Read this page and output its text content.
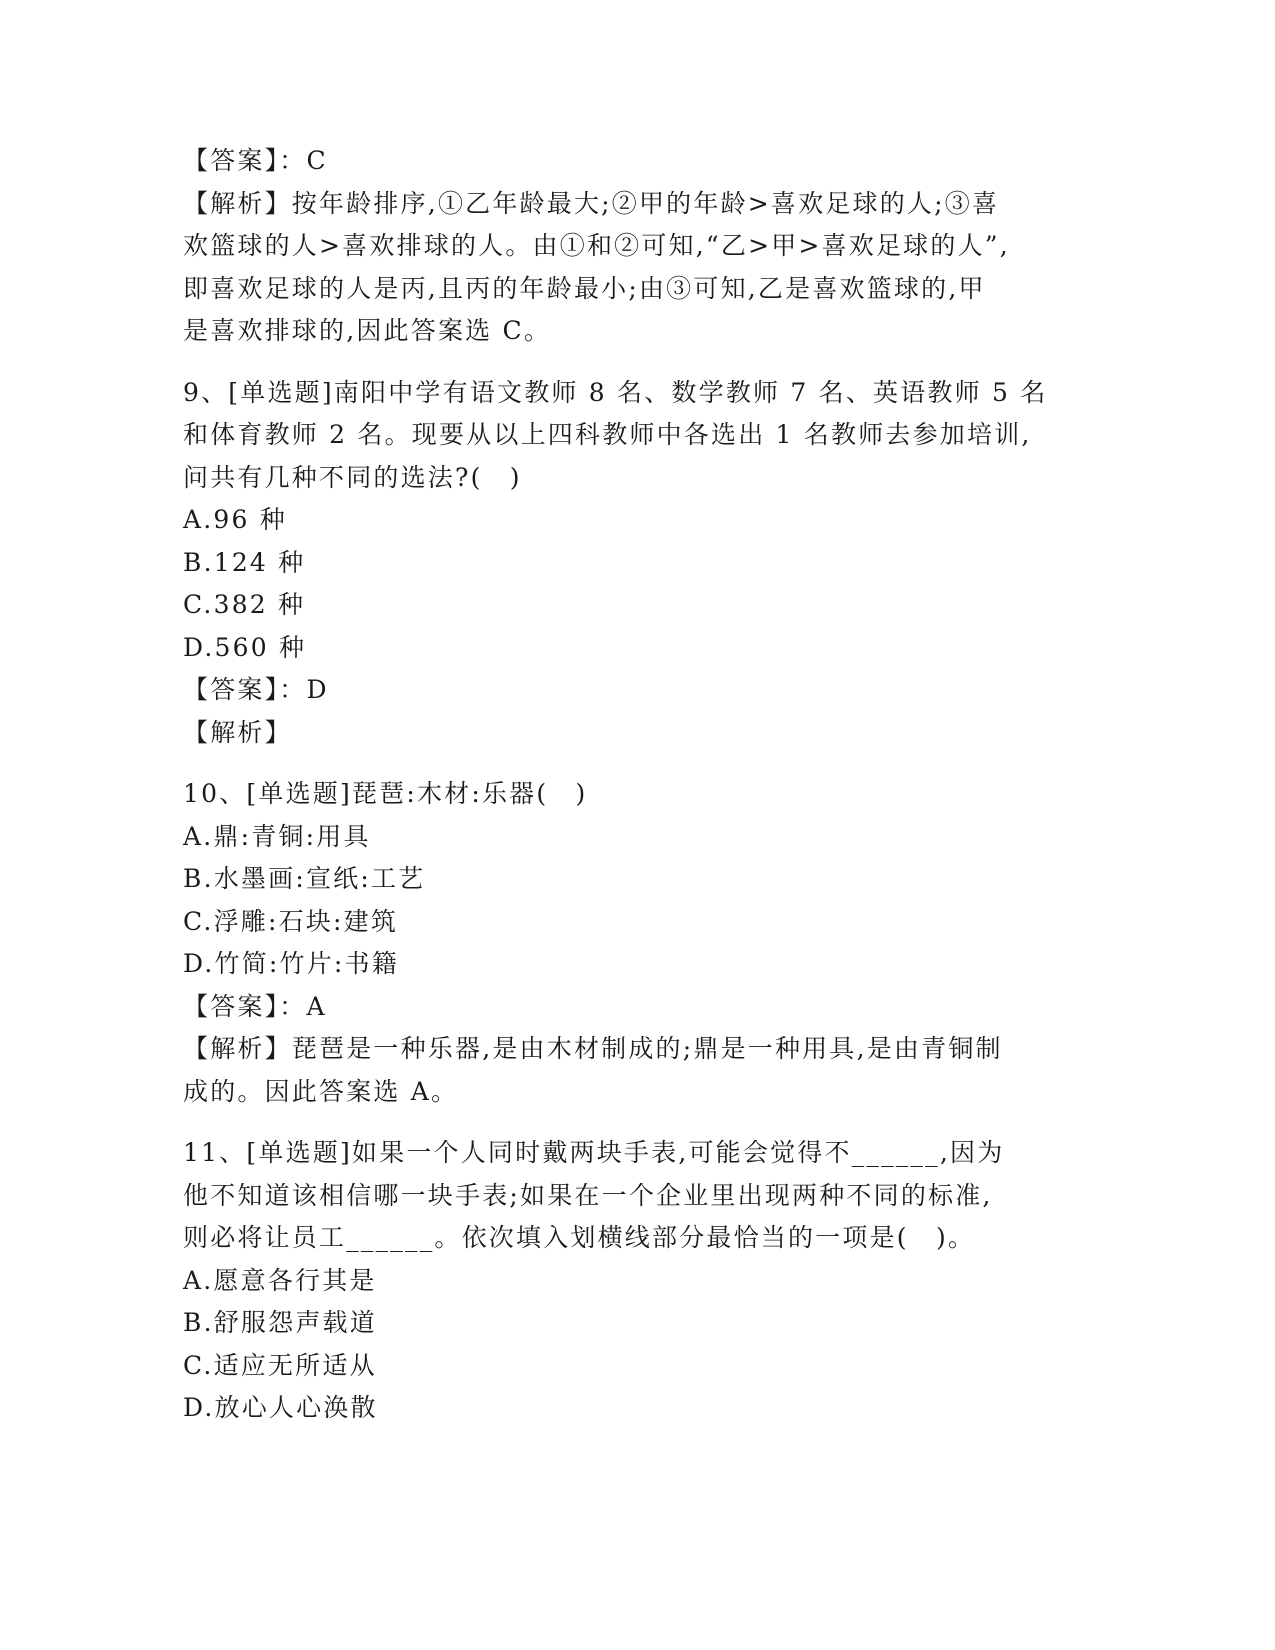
【答案】：C
【解析】按年龄排序,①乙年龄最大;②甲的年龄>喜欢足球的人;③喜
欢篮球的人>喜欢排球的人。由①和②可知,“乙>甲>喜欢足球的人”,
即喜欢足球的人是丙,且丙的年龄最小;由③可知,乙是喜欢篮球的,甲
是喜欢排球的,因此答案选 C。
9、[单选题]南阳中学有语文教师 8 名、数学教师 7 名、英语教师 5 名
和体育教师 2 名。现要从以上四科教师中各选出 1 名教师去参加培训,
问共有几种不同的选法?(　)
A.96 种
B.124 种
C.382 种
D.560 种
【答案】：D
【解析】
10、[单选题]琵琶:木材:乐器(　)
A.鼎:青铜:用具
B.水墨画:宣纸:工艺
C.浮雕:石块:建筑
D.竹简:竹片:书籍
【答案】：A
【解析】琵琶是一种乐器,是由木材制成的;鼎是一种用具,是由青铜制
成的。因此答案选 A。
11、[单选题]如果一个人同时戴两块手表,可能会觉得不______,因为
他不知道该相信哪一块手表;如果在一个企业里出现两种不同的标准,
则必将让员工______。依次填入划横线部分最恰当的一项是(　)。
A.愿意各行其是
B.舒服怨声载道
C.适应无所适从
D.放心人心涣散
